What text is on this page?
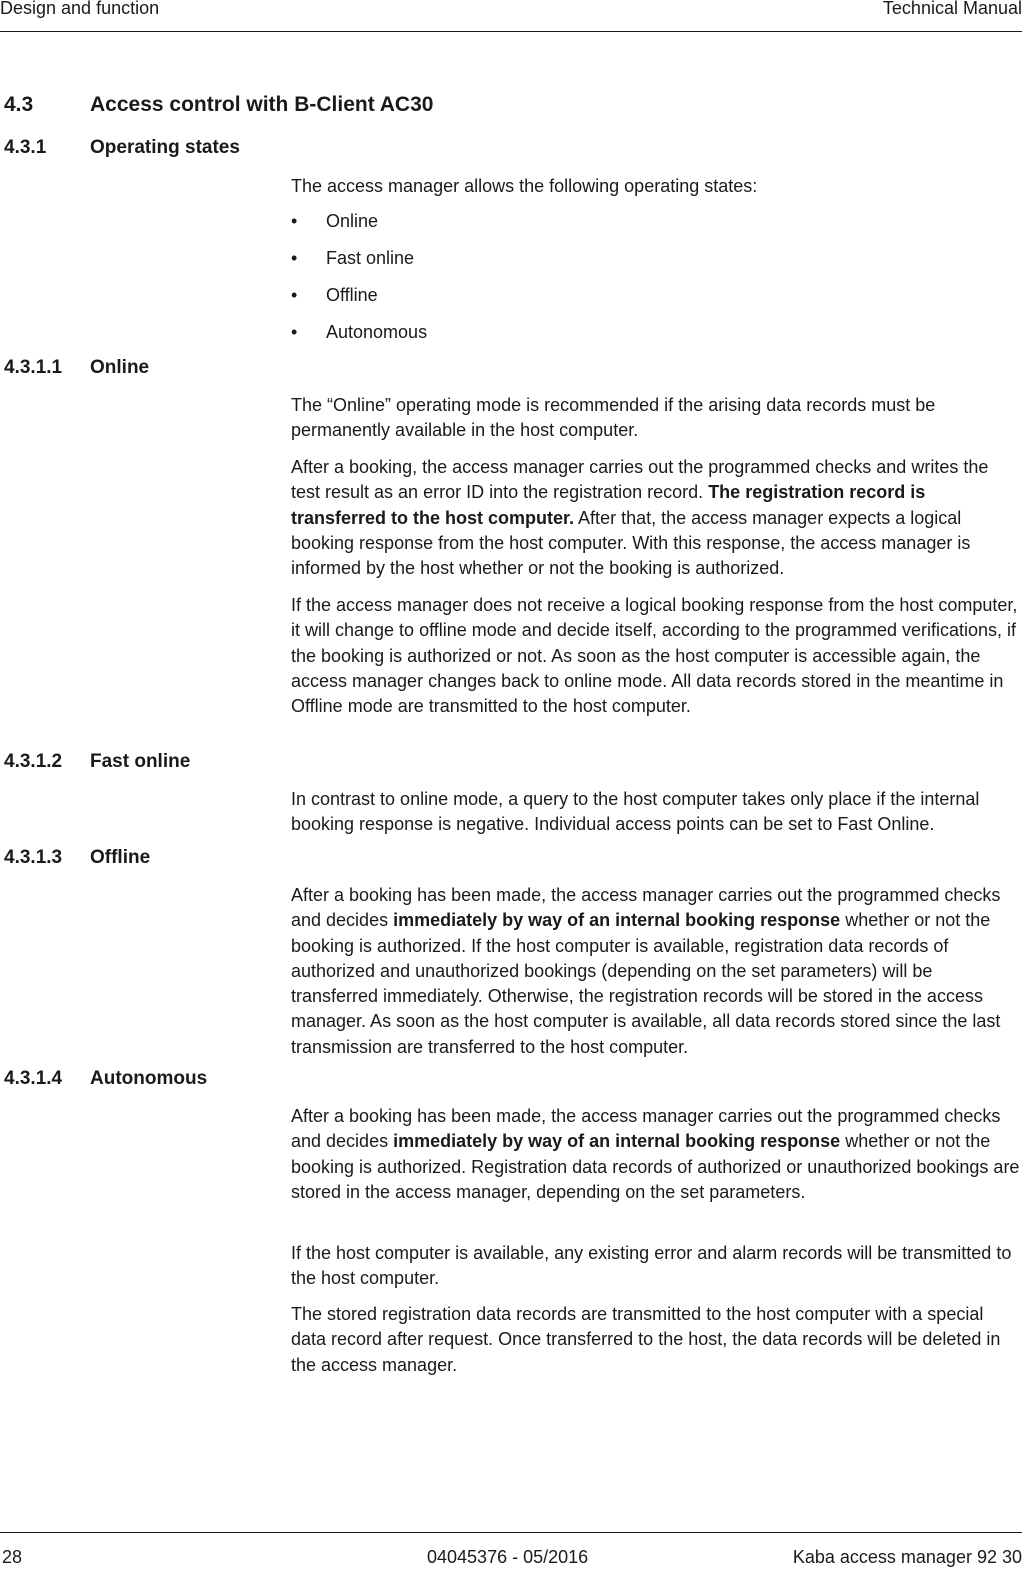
Design and function	Technical Manual
4.3	Access control with B-Client AC30
4.3.1 Operating states

The access manager allows the following operating states:

• Online
• Fast online
• Offline
• Autonomous
4.3.1.1 Online

The “Online” operating mode is recommended if the arising data records must be permanently available in the host computer.

After a booking, the access manager carries out the programmed checks and writes the test result as an error ID into the registration record. The registration record is transferred to the host computer. After that, the access manager expects a logical booking response from the host computer. With this response, the access manager is informed by the host whether or not the booking is authorized.

If the access manager does not receive a logical booking response from the host computer, it will change to offline mode and decide itself, according to the programmed verifications, if the booking is authorized or not. As soon as the host computer is accessible again, the access manager changes back to online mode. All data records stored in the meantime in Offline mode are transmitted to the host computer.

4.3.1.2 Fast online

In contrast to online mode, a query to the host computer takes only place if the internal booking response is negative. Individual access points can be set to Fast Online.

4.3.1.3 Offline

After a booking has been made, the access manager carries out the programmed checks and decides immediately by way of an internal booking response whether or not the booking is authorized. If the host computer is available, registration data records of authorized and unauthorized bookings (depending on the set parameters) will be transferred immediately. Otherwise, the registration records will be stored in the access manager. As soon as the host computer is available, all data records stored since the last transmission are transferred to the host computer.

4.3.1.4 Autonomous

After a booking has been made, the access manager carries out the programmed checks and decides immediately by way of an internal booking response whether or not the booking is authorized. Registration data records of authorized or unauthorized bookings are stored in the access manager, depending on the set parameters.

If the host computer is available, any existing error and alarm records will be transmitted to the host computer.

The stored registration data records are transmitted to the host computer with a special data record after request. Once transferred to the host, the data records will be deleted in the access manager.

28	04045376 - 05/2016	Kaba access manager 92 30
